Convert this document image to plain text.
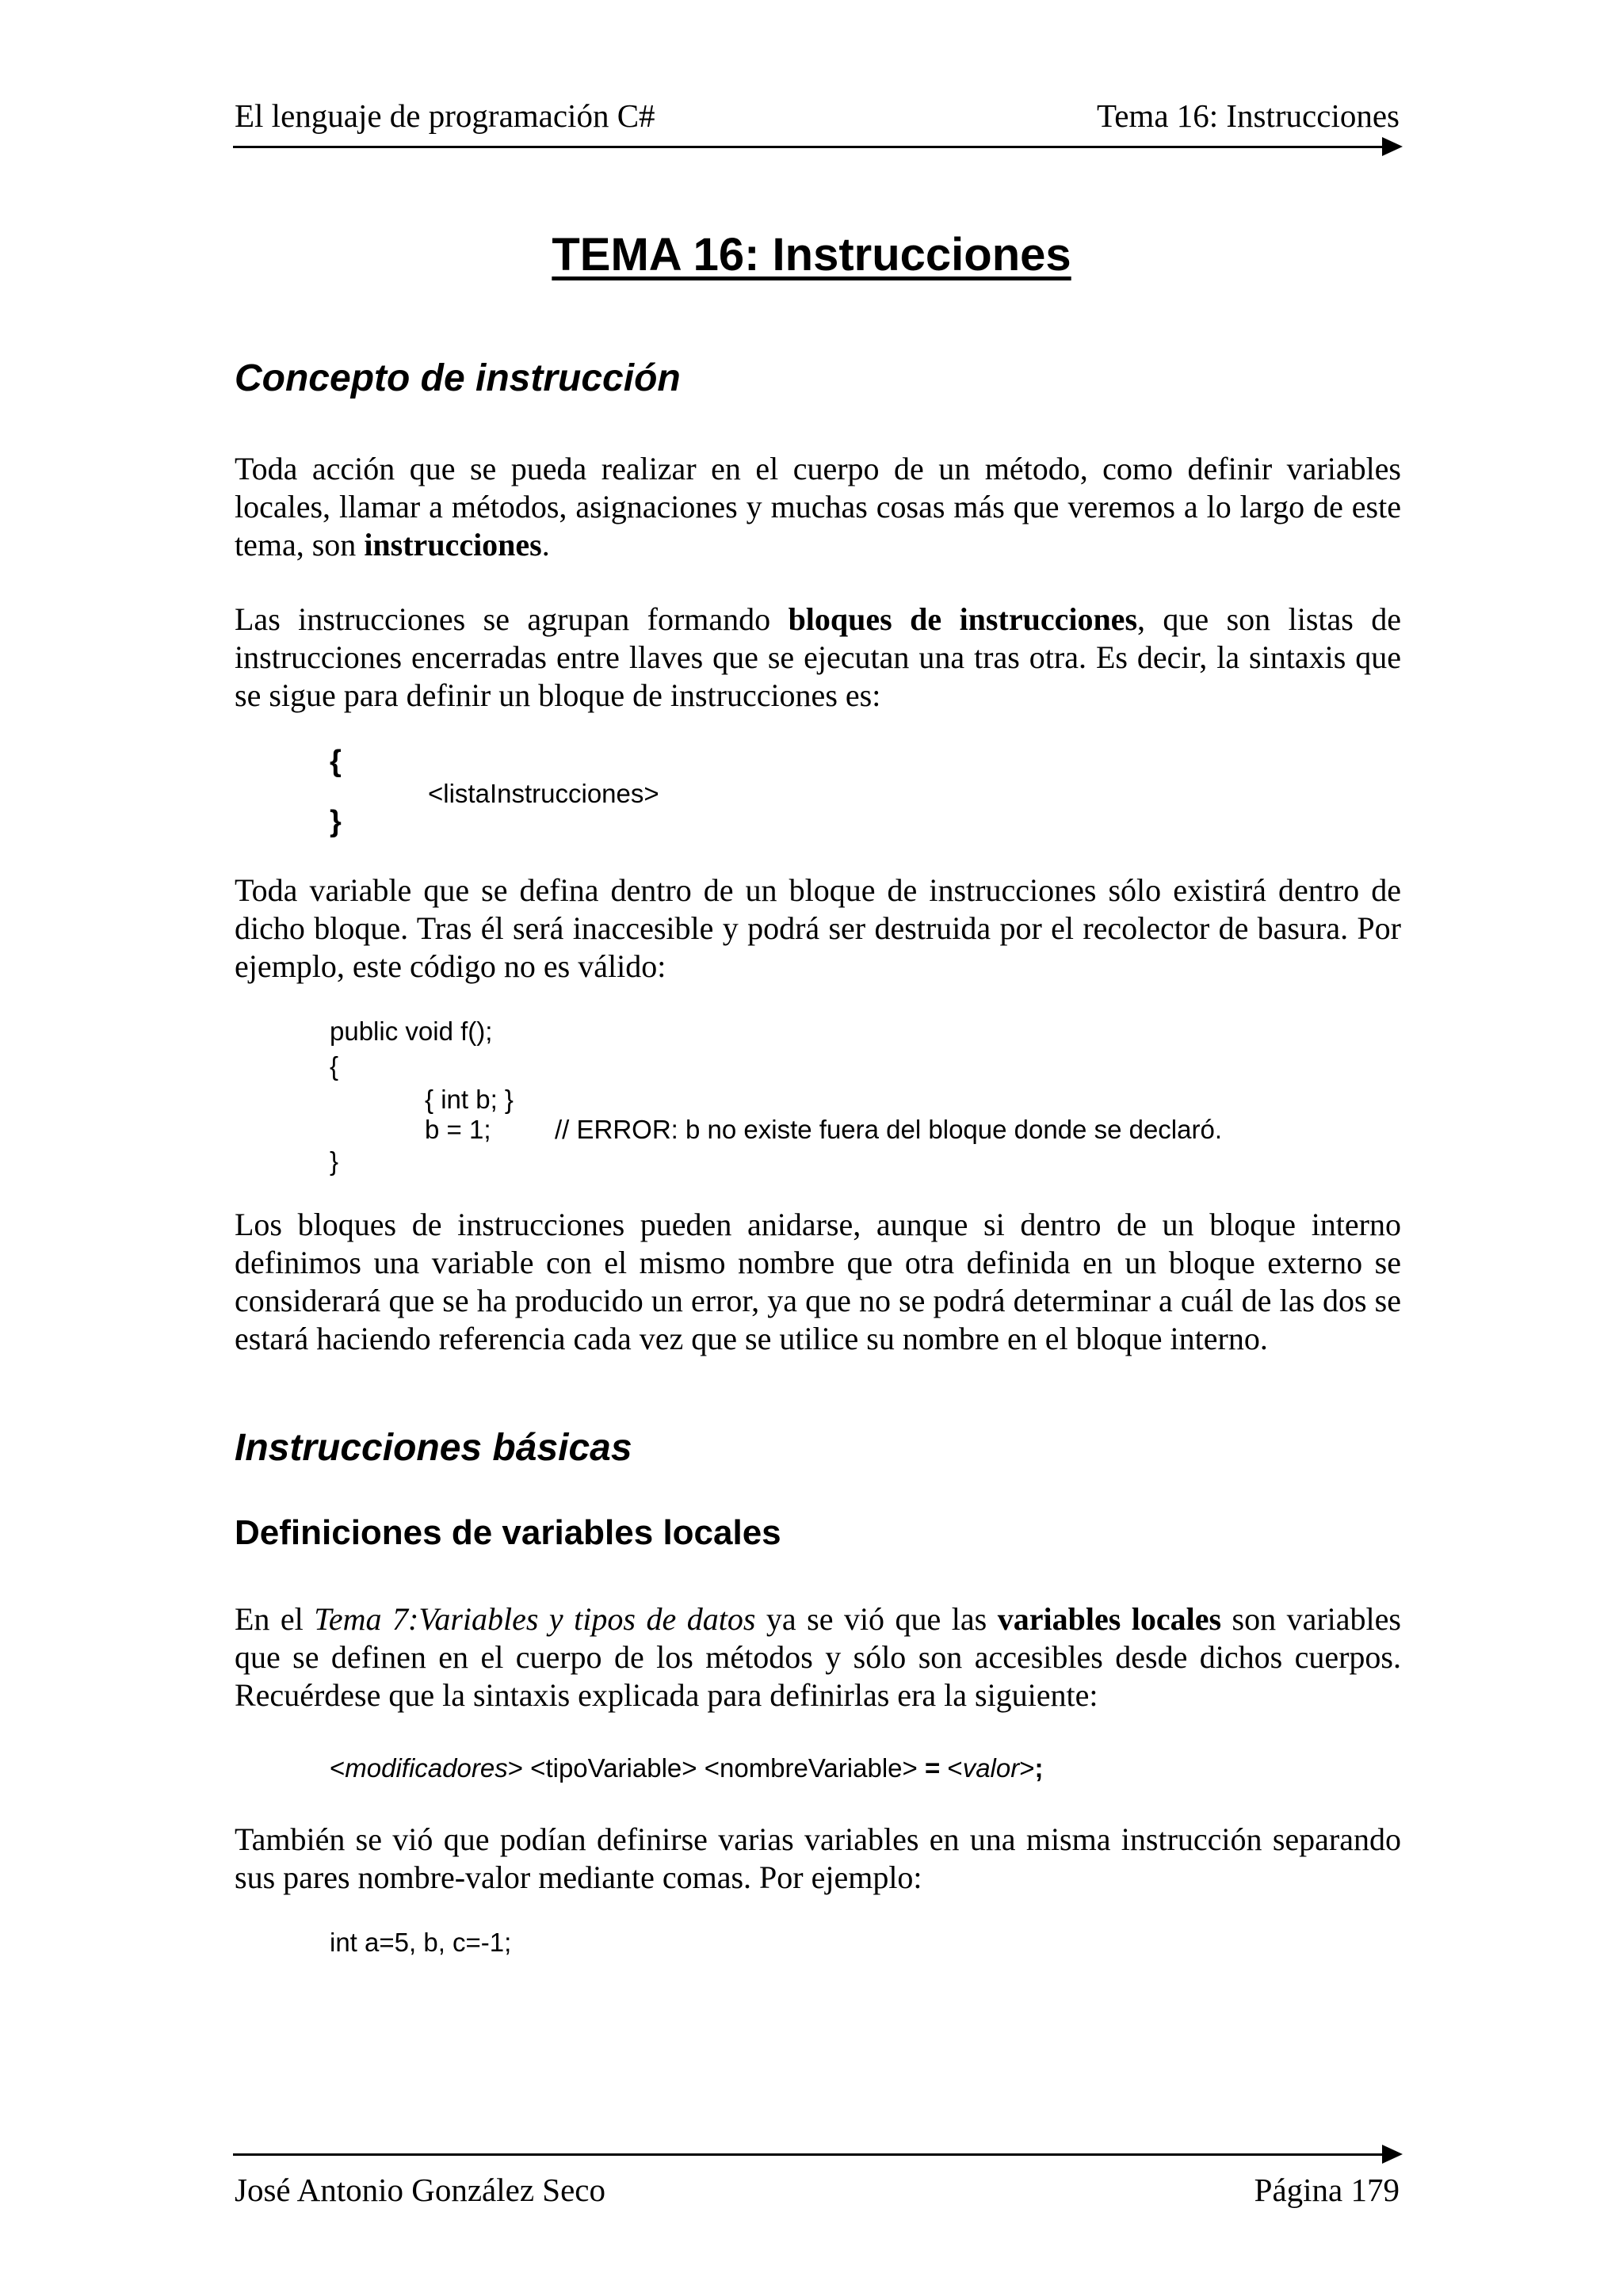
El lenguaje de programación C#	Tema 16: Instrucciones
TEMA 16: Instrucciones
Concepto de instrucción
Toda acción que se pueda realizar en el cuerpo de un método, como definir variables locales, llamar a métodos, asignaciones y muchas cosas más que veremos a lo largo de este tema, son instrucciones.
Las instrucciones se agrupan formando bloques de instrucciones, que son listas de instrucciones encerradas entre llaves que se ejecutan una tras otra. Es decir, la sintaxis que se sigue para definir un bloque de instrucciones es:
{
<listaInstrucciones>
}
Toda variable que se defina dentro de un bloque de instrucciones sólo existirá dentro de dicho bloque. Tras él será inaccesible y podrá ser destruida por el recolector de basura. Por ejemplo, este código no es válido:
public void f();
{
{ int b; }
b = 1; // ERROR: b no existe fuera del bloque donde se declaró.
}
Los bloques de instrucciones pueden anidarse, aunque si dentro de un bloque interno definimos una variable con el mismo nombre que otra definida en un bloque externo se considerará que se ha producido un error, ya que no se podrá determinar a cuál de las dos se estará haciendo referencia cada vez que se utilice su nombre en el bloque interno.
Instrucciones básicas
Definiciones de variables locales
En el Tema 7:Variables y tipos de datos ya se vió que las variables locales son variables que se definen en el cuerpo de los métodos y sólo son accesibles desde dichos cuerpos. Recuérdese que la sintaxis explicada para definirlas era la siguiente:
<modificadores> <tipoVariable> <nombreVariable> = <valor>;
También se vió que podían definirse varias variables en una misma instrucción separando sus pares nombre-valor mediante comas. Por ejemplo:
int a=5, b, c=-1;
José Antonio González Seco	Página 179
